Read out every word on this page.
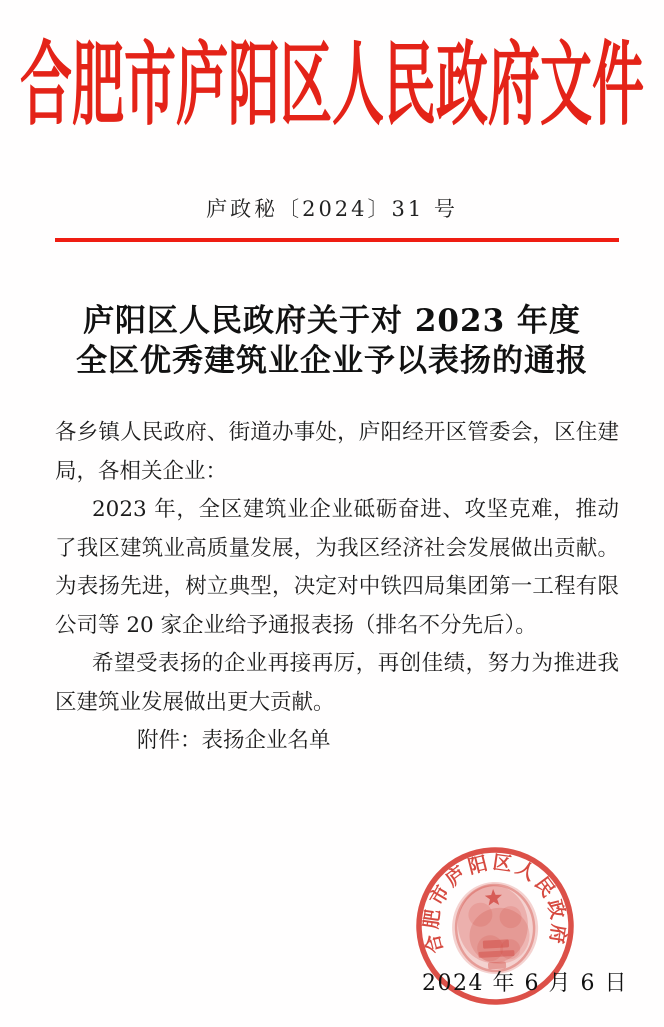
合肥市庐阳区人民政府文件
庐政秘〔2024〕31 号
庐阳区人民政府关于对 2023 年度
全区优秀建筑业企业予以表扬的通报

各乡镇人民政府、街道办事处，庐阳经开区管委会，区住建局，各相关企业：

2023 年，全区建筑业企业砥砺奋进、攻坚克难，推动了我区建筑业高质量发展，为我区经济社会发展做出贡献。为表扬先进，树立典型，决定对中铁四局集团第一工程有限公司等 20 家企业给予通报表扬（排名不分先后）。

希望受表扬的企业再接再厉，再创佳绩，努力为推进我区建筑业发展做出更大贡献。

附件：表扬企业名单

合肥市庐阳区人民政府
2024 年 6 月 6 日
